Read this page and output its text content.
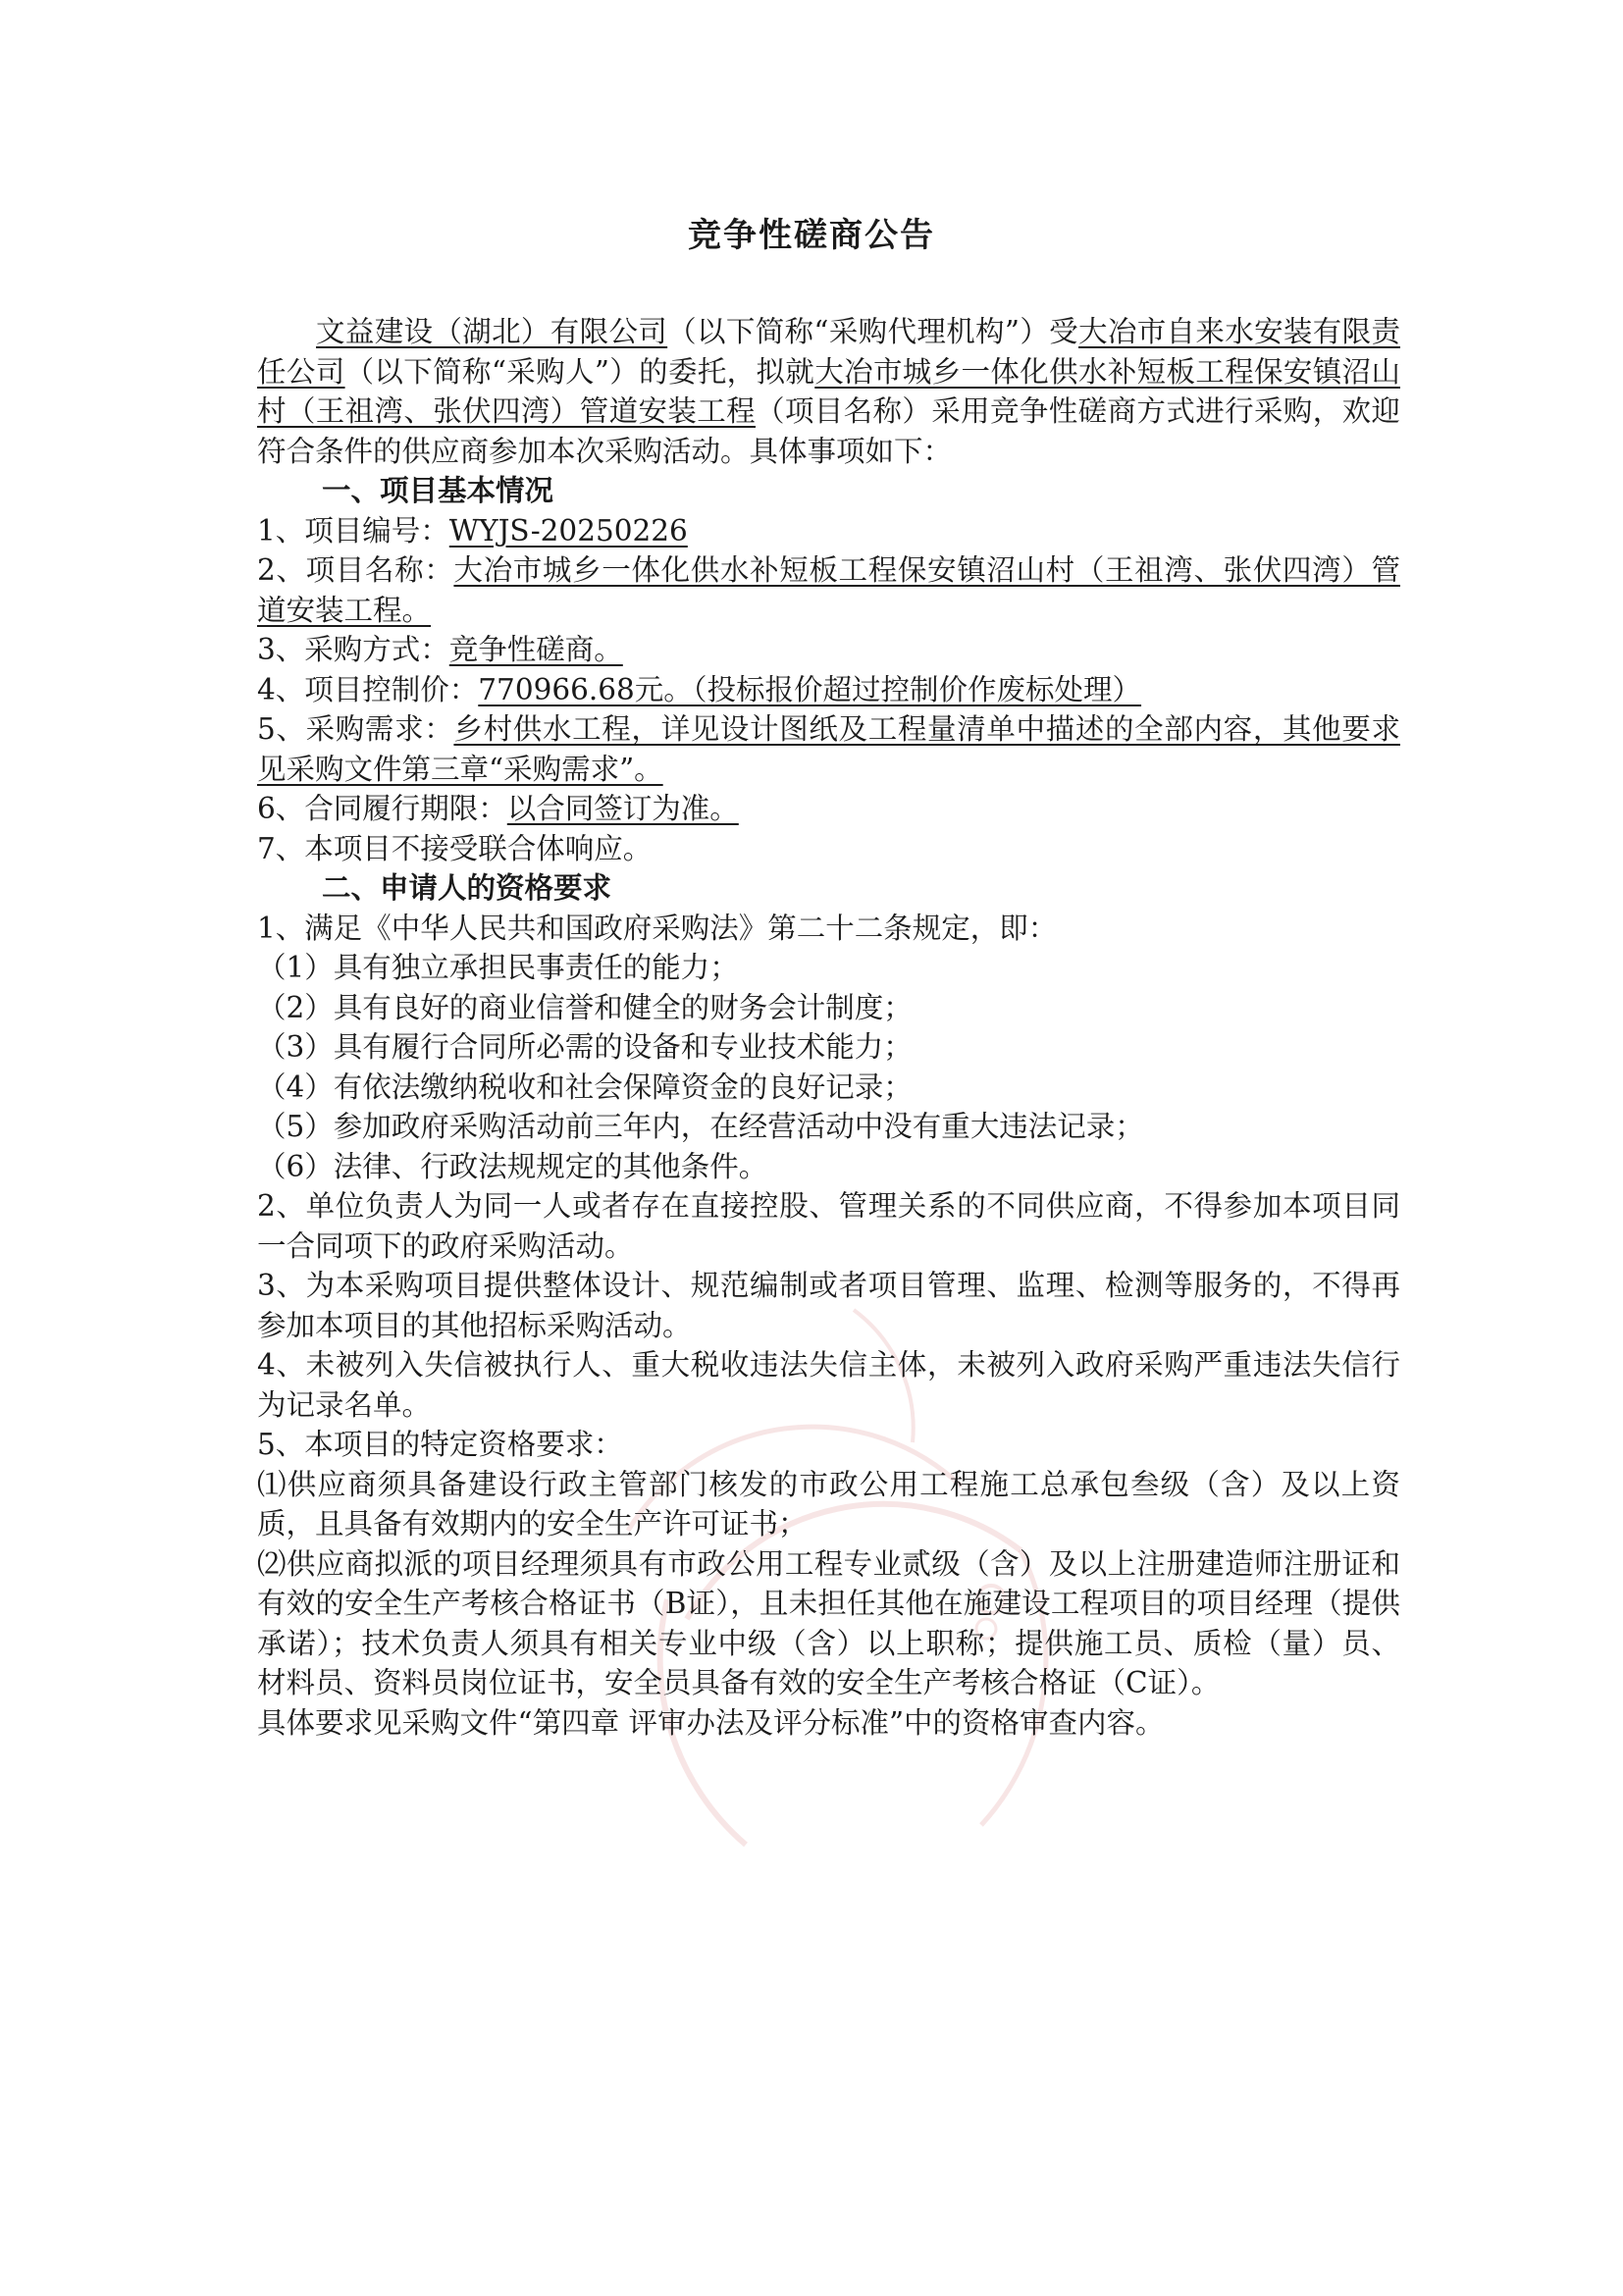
竞争性磋商公告

文益建设（湖北）有限公司（以下简称“采购代理机构”）受大冶市自来水安装有限责任公司（以下简称“采购人”）的委托，拟就大冶市城乡一体化供水补短板工程保安镇沼山村（王祖湾、张伏四湾）管道安装工程（项目名称）采用竞争性磋商方式进行采购，欢迎符合条件的供应商参加本次采购活动。具体事项如下：

一、项目基本情况

1、项目编号：WYJS-20250226

2、项目名称：大冶市城乡一体化供水补短板工程保安镇沼山村（王祖湾、张伏四湾）管道安装工程。

3、采购方式：竞争性磋商。

4、项目控制价：770966.68元。（投标报价超过控制价作废标处理）

5、采购需求：乡村供水工程，详见设计图纸及工程量清单中描述的全部内容，其他要求见采购文件第三章“采购需求”。

6、合同履行期限：以合同签订为准。

7、本项目不接受联合体响应。

二、申请人的资格要求

1、满足《中华人民共和国政府采购法》第二十二条规定，即：

（1）具有独立承担民事责任的能力；

（2）具有良好的商业信誉和健全的财务会计制度；

（3）具有履行合同所必需的设备和专业技术能力；

（4）有依法缴纳税收和社会保障资金的良好记录；

（5）参加政府采购活动前三年内，在经营活动中没有重大违法记录；

（6）法律、行政法规规定的其他条件。

2、单位负责人为同一人或者存在直接控股、管理关系的不同供应商，不得参加本项目同一合同项下的政府采购活动。

3、为本采购项目提供整体设计、规范编制或者项目管理、监理、检测等服务的，不得再参加本项目的其他招标采购活动。

4、未被列入失信被执行人、重大税收违法失信主体，未被列入政府采购严重违法失信行为记录名单。

5、本项目的特定资格要求：

⑴供应商须具备建设行政主管部门核发的市政公用工程施工总承包叁级（含）及以上资质，且具备有效期内的安全生产许可证书；

⑵供应商拟派的项目经理须具有市政公用工程专业贰级（含）及以上注册建造师注册证和有效的安全生产考核合格证书（B证），且未担任其他在施建设工程项目的项目经理（提供承诺）；技术负责人须具有相关专业中级（含）以上职称；提供施工员、质检（量）员、材料员、资料员岗位证书，安全员具备有效的安全生产考核合格证（C证）。

具体要求见采购文件“第四章 评审办法及评分标准”中的资格审查内容。
